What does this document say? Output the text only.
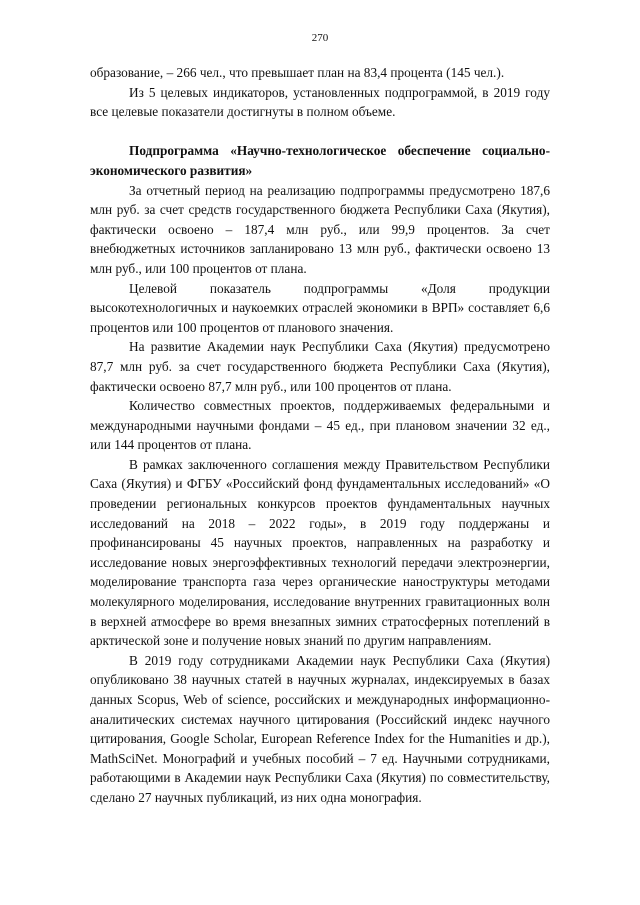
270

образование, – 266 чел., что превышает план на 83,4 процента (145 чел.).

Из 5 целевых индикаторов, установленных подпрограммой, в 2019 году все целевые показатели достигнуты в полном объеме.

Подпрограмма «Научно-технологическое обеспечение социально-экономического развития»

За отчетный период на реализацию подпрограммы предусмотрено 187,6 млн руб. за счет средств государственного бюджета Республики Саха (Якутия), фактически освоено – 187,4 млн руб., или 99,9 процентов. За счет внебюджетных источников запланировано 13 млн руб., фактически освоено 13 млн руб., или 100 процентов от плана.

Целевой показатель подпрограммы «Доля продукции высокотехнологичных и наукоемких отраслей экономики в ВРП» составляет 6,6 процентов или 100 процентов от планового значения.

На развитие Академии наук Республики Саха (Якутия) предусмотрено 87,7 млн руб. за счет государственного бюджета Республики Саха (Якутия), фактически освоено 87,7 млн руб., или 100 процентов от плана.

Количество совместных проектов, поддерживаемых федеральными и международными научными фондами – 45 ед., при плановом значении 32 ед., или 144 процентов от плана.

В рамках заключенного соглашения между Правительством Республики Саха (Якутия) и ФГБУ «Российский фонд фундаментальных исследований» «О проведении региональных конкурсов проектов фундаментальных научных исследований на 2018 – 2022 годы», в 2019 году поддержаны и профинансированы 45 научных проектов, направленных на разработку и исследование новых энергоэффективных технологий передачи электроэнергии, моделирование транспорта газа через органические наноструктуры методами молекулярного моделирования, исследование внутренних гравитационных волн в верхней атмосфере во время внезапных зимних стратосферных потеплений в арктической зоне и получение новых знаний по другим направлениям.

В 2019 году сотрудниками Академии наук Республики Саха (Якутия) опубликовано 38 научных статей в научных журналах, индексируемых в базах данных Scopus, Web of science, российских и международных информационно-аналитических системах научного цитирования (Российский индекс научного цитирования, Google Scholar, European Reference Index for the Humanities и др.), MathSciNet. Монографий и учебных пособий – 7 ед. Научными сотрудниками, работающими в Академии наук Республики Саха (Якутия) по совместительству, сделано 27 научных публикаций, из них одна монография.
